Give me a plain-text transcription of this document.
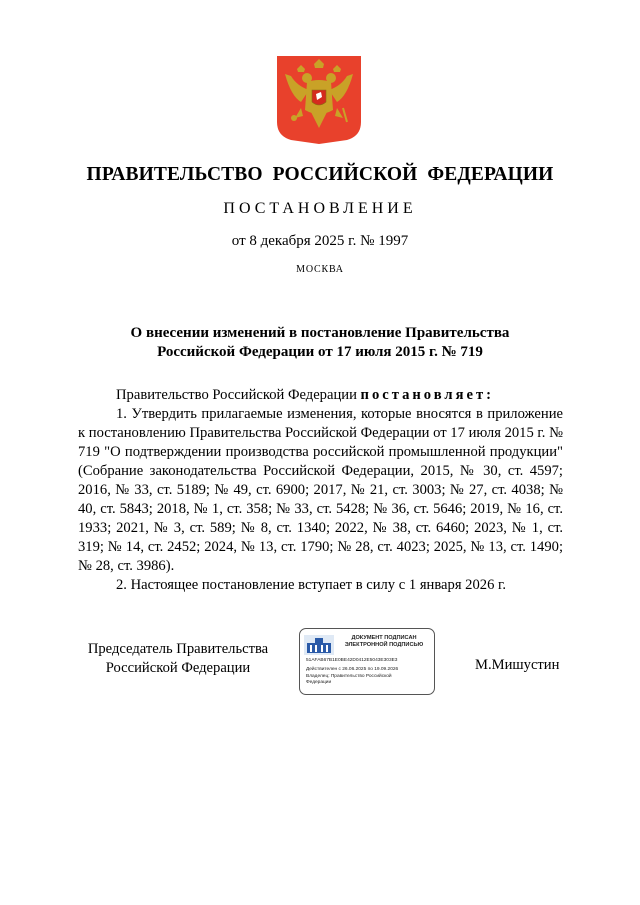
ПРАВИТЕЛЬСТВО РОССИЙСКОЙ ФЕДЕРАЦИИ
ПОСТАНОВЛЕНИЕ
от 8 декабря 2025 г. № 1997
МОСКВА
О внесении изменений в постановление Правительства
Российской Федерации от 17 июля 2015 г. № 719

Правительство Российской Федерации постановляет:

1. Утвердить прилагаемые изменения, которые вносятся в приложение к постановлению Правительства Российской Федерации от 17 июля 2015 г. № 719 "О подтверждении производства российской промышленной продукции" (Собрание законодательства Российской Федерации, 2015, № 30, ст. 4597; 2016, № 33, ст. 5189; № 49, ст. 6900; 2017, № 21, ст. 3003; № 27, ст. 4038; № 40, ст. 5843; 2018, № 1, ст. 358; № 33, ст. 5428; № 36, ст. 5646; 2019, № 16, ст. 1933; 2021, № 3, ст. 589; № 8, ст. 1340; 2022, № 38, ст. 6460; 2023, № 1, ст. 319; № 14, ст. 2452; 2024, № 13, ст. 1790; № 28, ст. 4023; 2025, № 13, ст. 1490; № 28, ст. 3986).

2. Настоящее постановление вступает в силу с 1 января 2026 г.

Председатель Правительства
Российской Федерации
ДОКУМЕНТ ПОДПИСАН
ЭЛЕКТРОННОЙ ПОДПИСЬЮ
51AFAB67B1E0BE42D0412E5043E303E3
Действителен с 26.06.2025 по 19.09.2026
Владелец: Правительство Российской
Федерации
М.Мишустин
